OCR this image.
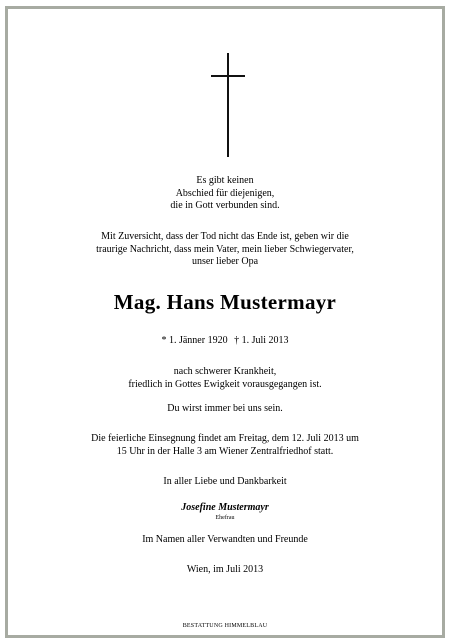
Es gibt keinen
Abschied für diejenigen,
die in Gott verbunden sind.
Mit Zuversicht, dass der Tod nicht das Ende ist, geben wir die
traurige Nachricht, dass mein Vater, mein lieber Schwiegervater,
unser lieber Opa
Mag. Hans Mustermayr
* 1. Jänner 1920 † 1. Juli 2013
nach schwerer Krankheit,
friedlich in Gottes Ewigkeit vorausgegangen ist.
Du wirst immer bei uns sein.
Die feierliche Einsegnung findet am Freitag, dem 12. Juli 2013 um
15 Uhr in der Halle 3 am Wiener Zentralfriedhof statt.
In aller Liebe und Dankbarkeit
Josefine Mustermayr
Ehefrau
Im Namen aller Verwandten und Freunde
Wien, im Juli 2013
BESTATTUNG HIMMELBLAU
